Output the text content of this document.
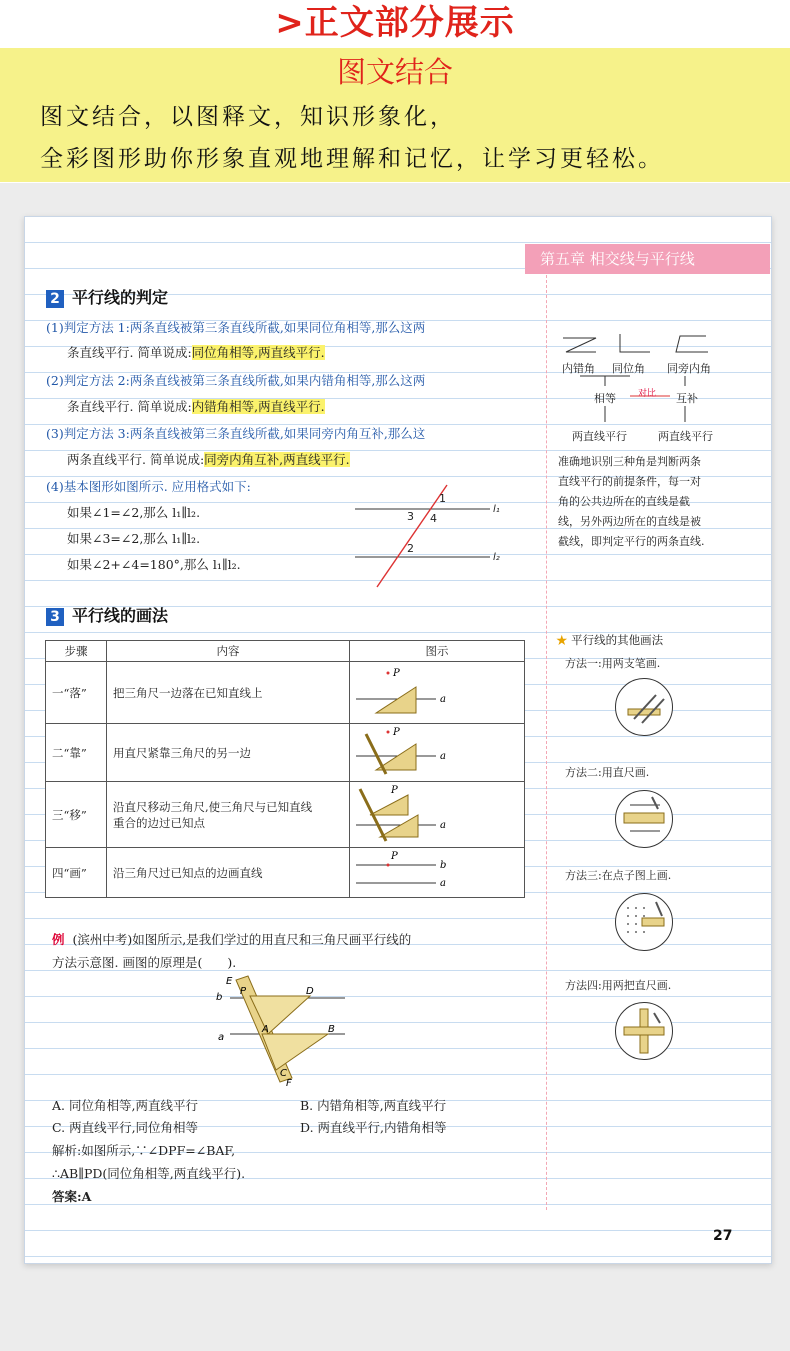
>正文部分展示
图文结合
图文结合，以图释文，知识形象化，
全彩图形助你形象直观地理解和记忆，让学习更轻松。
第五章 相交线与平行线
2 平行线的判定
(1)判定方法 1:两条直线被第三条直线所截,如果同位角相等,那么这两
条直线平行. 简单说成:同位角相等,两直线平行.
(2)判定方法 2:两条直线被第三条直线所截,如果内错角相等,那么这两
条直线平行. 简单说成:内错角相等,两直线平行.
(3)判定方法 3:两条直线被第三条直线所截,如果同旁内角互补,那么这
两条直线平行. 简单说成:同旁内角互补,两直线平行.
(4)基本图形如图所示. 应用格式如下:
如果∠1=∠2,那么 l₁∥l₂.
如果∠3=∠2,那么 l₁∥l₂.
如果∠2+∠4=180°,那么 l₁∥l₂.
1
3 4
2
l₁
l₂
内错角 同位角 同旁内角
相等 对比 互补
两直线平行	两直线平行
准确地识别三种角是判断两条
直线平行的前提条件，每一对
角的公共边所在的直线是截
线，另外两边所在的直线是被
截线，即判定平行的两条直线.
3 平行线的画法
步骤	内容	图示
一“落”	把三角尺一边落在已知直线上	P
a

二“靠”	用直尺紧靠三角尺的另一边	P
a

三“移”	沿直尺移动三角尺,使三角尺与已知直线
重合的边过已知点	P
a

四“画”	沿三角尺过已知点的边画直线	P
b
a
★ 平行线的其他画法
方法一:用两支笔画.
方法二:用直尺画.
方法三:在点子图上画.
方法四:用两把直尺画.
例 (滨州中考)如图所示,是我们学过的用直尺和三角尺画平行线的
方法示意图. 画图的原理是(　　).
E
b
P	D
a
A	B
C
F
A. 同位角相等,两直线平行	B. 内错角相等,两直线平行
C. 两直线平行,同位角相等	D. 两直线平行,内错角相等
解析:如图所示,∵∠DPF=∠BAF,
∴AB∥PD(同位角相等,两直线平行).
答案:A
27
